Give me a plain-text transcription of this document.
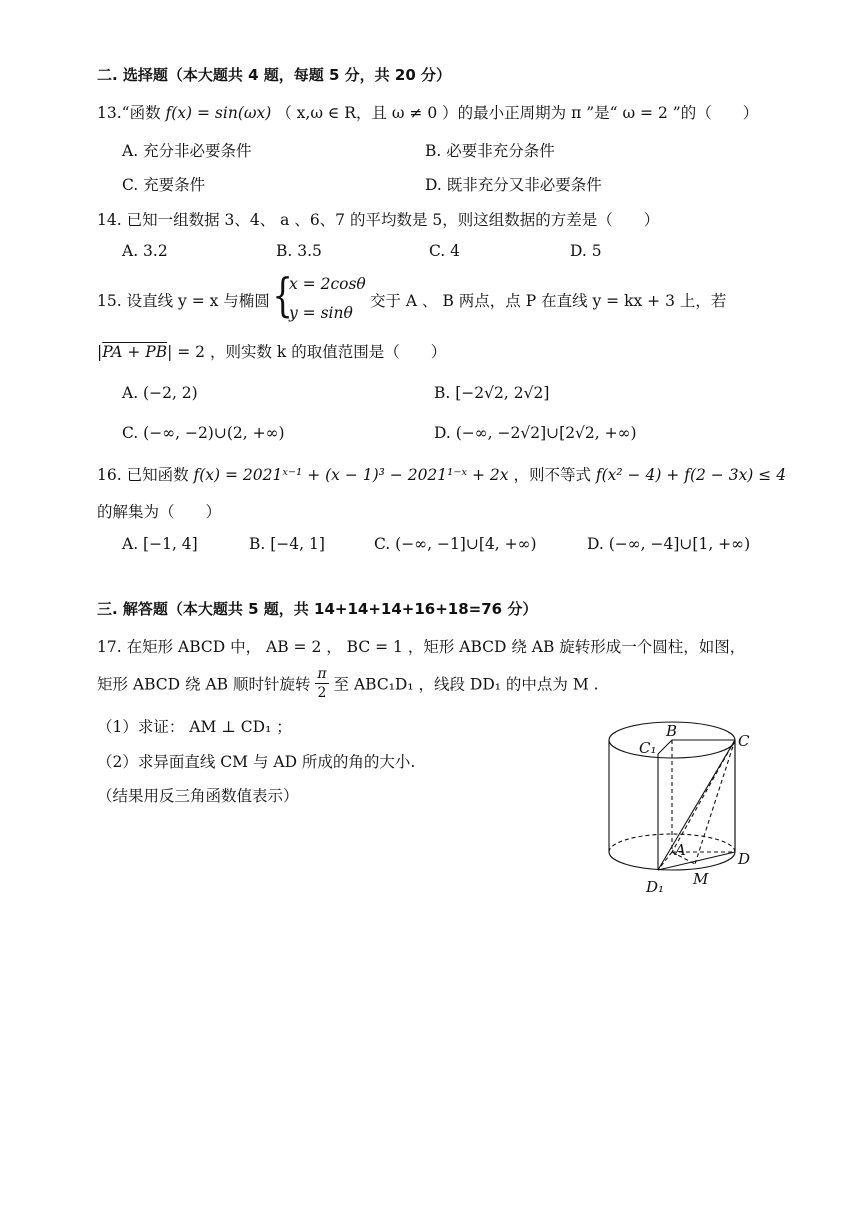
二. 选择题（本大题共 4 题，每题 5 分，共 20 分）
13.“函数 f(x) = sin(ωx) （ x,ω ∈ R，且 ω ≠ 0 ）的最小正周期为 π ”是“ ω = 2 ”的（　　）
A. 充分非必要条件	B. 必要非充分条件
C. 充要条件	D. 既非充分又非必要条件
14. 已知一组数据 3、4、 a 、6、7 的平均数是 5，则这组数据的方差是（　　）
A. 3.2	B. 3.5	C. 4	D. 5
15. 设直线 y = x 与椭圆 {
x = 2cosθ
y = sinθ
交于 A 、 B 两点，点 P 在直线 y = kx + 3 上，若
|PA + PB| = 2 ，则实数 k 的取值范围是（　　）
A. (−2, 2)	B. [−2√2, 2√2]
C. (−∞, −2)∪(2, +∞)	D. (−∞, −2√2]∪[2√2, +∞)
16. 已知函数 f(x) = 2021ˣ⁻¹ + (x − 1)³ − 2021¹⁻ˣ + 2x ，则不等式 f(x² − 4) + f(2 − 3x) ≤ 4
的解集为（　　）
A. [−1, 4]	B. [−4, 1]	C. (−∞, −1]∪[4, +∞)	D. (−∞, −4]∪[1, +∞)
三. 解答题（本大题共 5 题，共 14+14+14+16+18=76 分）
17. 在矩形 ABCD 中， AB = 2 ， BC = 1 ，矩形 ABCD 绕 AB 旋转形成一个圆柱，如图，
矩形 ABCD 绕 AB 顺时针旋转 $\frac{\pi}{2}$ 至 ABC₁D₁ ，线段 DD₁ 的中点为 M .
（1）求证： AM ⊥ CD₁ ；
（2）求异面直线 CM 与 AD 所成的角的大小.
（结果用反三角函数值表示）
B
C₁	C
A	D
M
D₁
